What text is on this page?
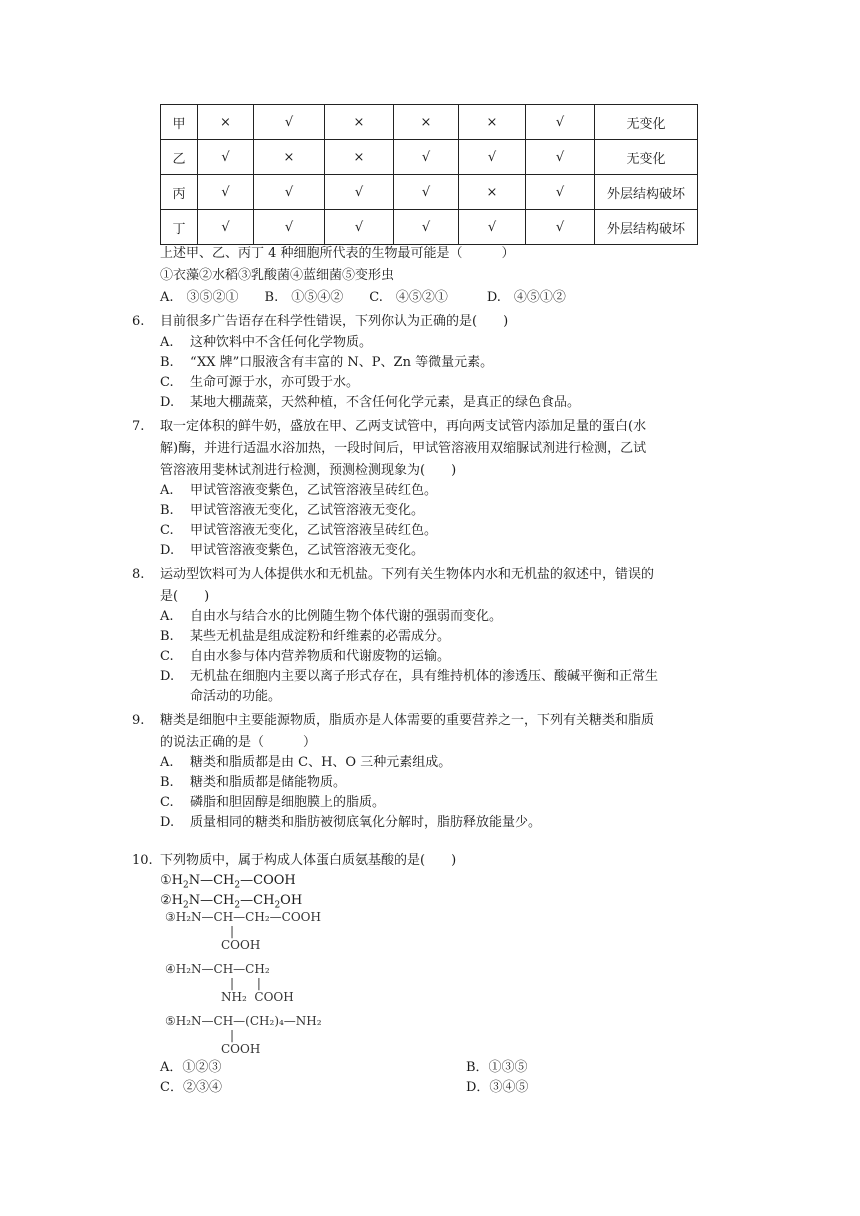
甲	×	√	×	×	×	√	无变化
乙	√	×	×	√	√	√	无变化
丙	√	√	√	√	×	√	外层结构破坏
丁	√	√	√	√	√	√	外层结构破坏
上述甲、乙、丙丁 4 种细胞所代表的生物最可能是（　　　）
①衣藻②水稻③乳酸菌④蓝细菌⑤变形虫
A.　③⑤②①　　B.　①⑤④②　　C.　④⑤②①　　　D.　④⑤①②
6. 目前很多广告语存在科学性错误，下列你认为正确的是(　　)
A. 这种饮料中不含任何化学物质。
B. “XX 牌”口服液含有丰富的 N、P、Zn 等微量元素。
C. 生命可源于水，亦可毁于水。
D. 某地大棚蔬菜，天然种植，不含任何化学元素，是真正的绿色食品。
7. 取一定体积的鲜牛奶，盛放在甲、乙两支试管中，再向两支试管内添加足量的蛋白(水
解)酶，并进行适温水浴加热，一段时间后，甲试管溶液用双缩脲试剂进行检测，乙试
管溶液用斐林试剂进行检测，预测检测现象为(　　)
A. 甲试管溶液变紫色，乙试管溶液呈砖红色。
B. 甲试管溶液无变化，乙试管溶液无变化。
C. 甲试管溶液无变化，乙试管溶液呈砖红色。
D. 甲试管溶液变紫色，乙试管溶液无变化。
8. 运动型饮料可为人体提供水和无机盐。下列有关生物体内水和无机盐的叙述中，错误的
是(　　)
A. 自由水与结合水的比例随生物个体代谢的强弱而变化。
B. 某些无机盐是组成淀粉和纤维素的必需成分。
C. 自由水参与体内营养物质和代谢废物的运输。
D. 无机盐在细胞内主要以离子形式存在，具有维持机体的渗透压、酸碱平衡和正常生
命活动的功能。
9. 糖类是细胞中主要能源物质，脂质亦是人体需要的重要营养之一，下列有关糖类和脂质
的说法正确的是（　　　）
A. 糖类和脂质都是由 C、H、O 三种元素组成。
B. 糖类和脂质都是储能物质。
C. 磷脂和胆固醇是细胞膜上的脂质。
D. 质量相同的糖类和脂肪被彻底氧化分解时，脂肪释放能量少。
10. 下列物质中，属于构成人体蛋白质氨基酸的是(　　)
$①H_2N—CH_2—COOH$
$②H_2N—CH_2—CH_2OH$
③H₂N—CH—CH₂—COOH
|
COOH
④H₂N—CH—CH₂
|      |
NH₂  COOH
⑤H₂N—CH—(CH₂)₄—NH₂
|
COOH
A．①②③	B．①③⑤
C．②③④	D．③④⑤
